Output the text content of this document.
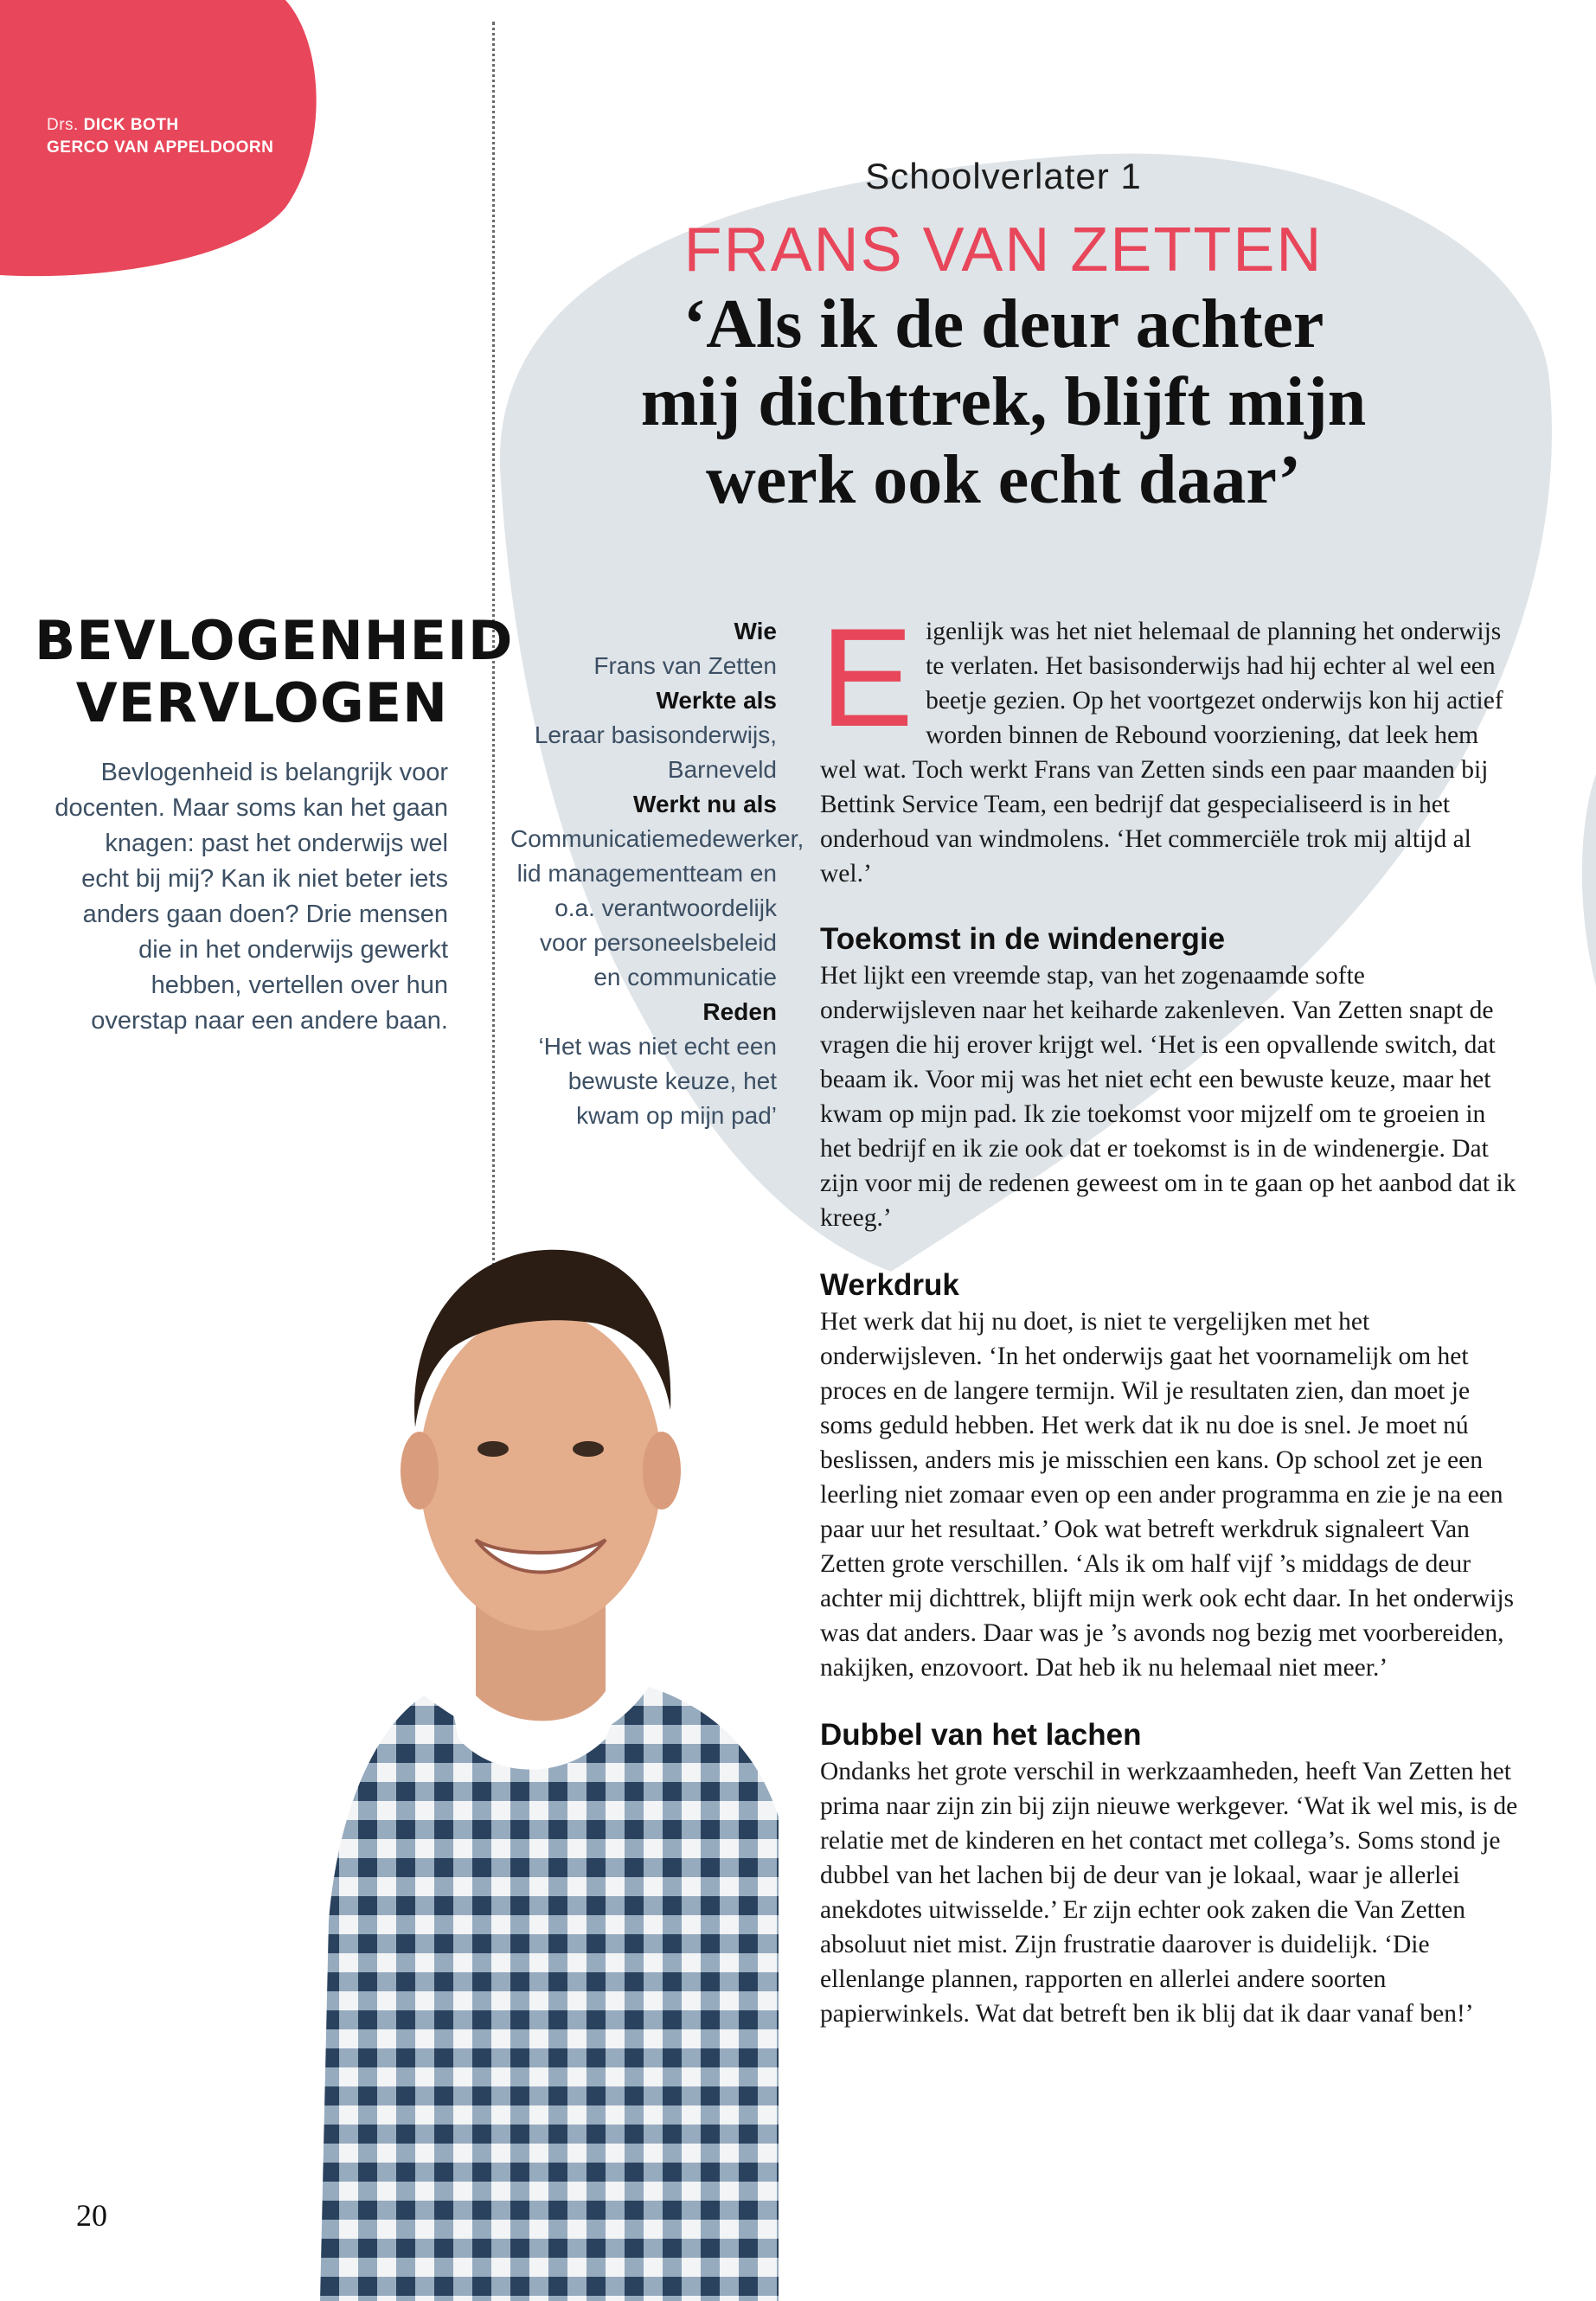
Drs. DICK BOTH
GERCO VAN APPELDOORN

Schoolverlater 1

FRANS VAN ZETTEN

‘Als ik de deur achter
mij dichttrek, blijft mijn
werk ook echt daar’

BEVLOGENHEID
VERVLOGEN

Bevlogenheid is belangrijk voor docenten. Maar soms kan het gaan knagen: past het onderwijs wel echt bij mij? Kan ik niet beter iets anders gaan doen? Drie mensen die in het onderwijs gewerkt hebben, vertellen over hun overstap naar een andere baan.

Wie
Frans van Zetten
Werkte als
Leraar basisonderwijs, Barneveld
Werkt nu als
Communicatiemedewerker, lid managementteam en o.a. verantwoordelijk voor personeelsbeleid en communicatie
Reden
‘Het was niet echt een bewuste keuze, het kwam op mijn pad’
E igenlijk was het niet helemaal de planning het onderwijs te verlaten. Het basisonderwijs had hij echter al wel een beetje gezien. Op het voortgezet onderwijs kon hij actief worden binnen de Rebound voorziening, dat leek hem wel wat. Toch werkt Frans van Zetten sinds een paar maanden bij Bettink Service Team, een bedrijf dat gespecialiseerd is in het onderhoud van windmolens. ‘Het commerciële trok mij altijd al wel.’

Toekomst in de windenergie

Het lijkt een vreemde stap, van het zogenaamde softe onderwijsleven naar het keiharde zakenleven. Van Zetten snapt de vragen die hij erover krijgt wel. ‘Het is een opvallende switch, dat beaam ik. Voor mij was het niet echt een bewuste keuze, maar het kwam op mijn pad. Ik zie toekomst voor mijzelf om te groeien in het bedrijf en ik zie ook dat er toekomst is in de windenergie. Dat zijn voor mij de redenen geweest om in te gaan op het aanbod dat ik kreeg.’

Werkdruk

Het werk dat hij nu doet, is niet te vergelijken met het onderwijsleven. ‘In het onderwijs gaat het voornamelijk om het proces en de langere termijn. Wil je resultaten zien, dan moet je soms geduld hebben. Het werk dat ik nu doe is snel. Je moet nú beslissen, anders mis je misschien een kans. Op school zet je een leerling niet zomaar even op een ander programma en zie je na een paar uur het resultaat.’ Ook wat betreft werkdruk signaleert Van Zetten grote verschillen. ‘Als ik om half vijf ’s middags de deur achter mij dichttrek, blijft mijn werk ook echt daar. In het onderwijs was dat anders. Daar was je ’s avonds nog bezig met voorbereiden, nakijken, enzovoort. Dat heb ik nu helemaal niet meer.’

Dubbel van het lachen

Ondanks het grote verschil in werkzaamheden, heeft Van Zetten het prima naar zijn zin bij zijn nieuwe werkgever. ‘Wat ik wel mis, is de relatie met de kinderen en het contact met collega’s. Soms stond je dubbel van het lachen bij de deur van je lokaal, waar je allerlei anekdotes uitwisselde.’ Er zijn echter ook zaken die Van Zetten absoluut niet mist. Zijn frustratie daarover is duidelijk. ‘Die ellenlange plannen, rapporten en allerlei andere soorten papierwinkels. Wat dat betreft ben ik blij dat ik daar vanaf ben!’

20
